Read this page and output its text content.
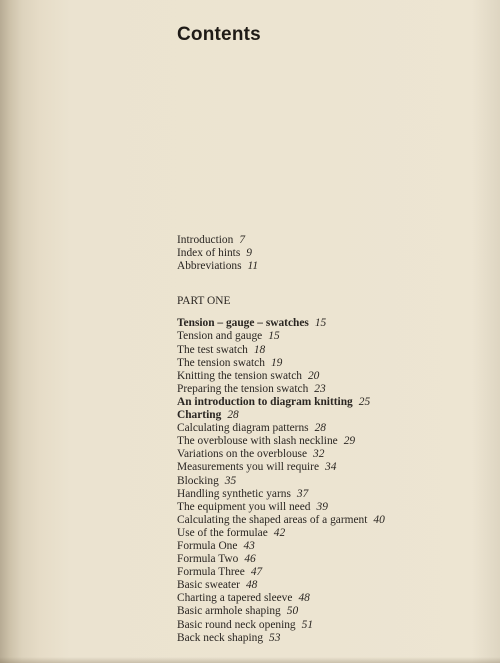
Contents
Introduction 7
Index of hints 9
Abbreviations 11
PART ONE
Tension – gauge – swatches 15
Tension and gauge 15
The test swatch 18
The tension swatch 19
Knitting the tension swatch 20
Preparing the tension swatch 23
An introduction to diagram knitting 25
Charting 28
Calculating diagram patterns 28
The overblouse with slash neckline 29
Variations on the overblouse 32
Measurements you will require 34
Blocking 35
Handling synthetic yarns 37
The equipment you will need 39
Calculating the shaped areas of a garment 40
Use of the formulae 42
Formula One 43
Formula Two 46
Formula Three 47
Basic sweater 48
Charting a tapered sleeve 48
Basic armhole shaping 50
Basic round neck opening 51
Back neck shaping 53
